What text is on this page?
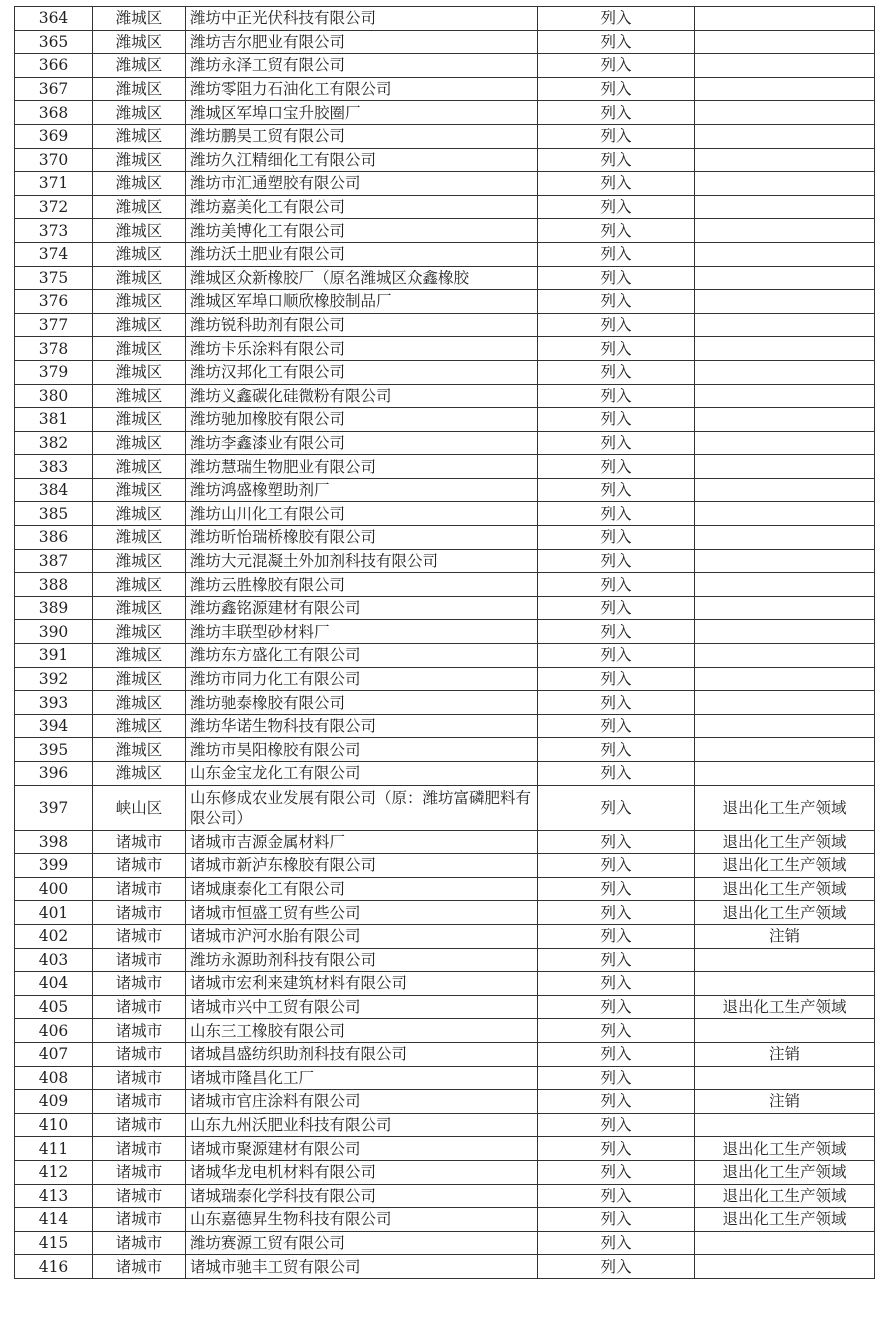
364	潍城区	潍坊中正光伏科技有限公司	列入	
365	潍城区	潍坊吉尔肥业有限公司	列入	
366	潍城区	潍坊永泽工贸有限公司	列入	
367	潍城区	潍坊零阻力石油化工有限公司	列入	
368	潍城区	潍城区军埠口宝升胶圈厂	列入	
369	潍城区	潍坊鹏昊工贸有限公司	列入	
370	潍城区	潍坊久江精细化工有限公司	列入	
371	潍城区	潍坊市汇通塑胶有限公司	列入	
372	潍城区	潍坊嘉美化工有限公司	列入	
373	潍城区	潍坊美博化工有限公司	列入	
374	潍城区	潍坊沃土肥业有限公司	列入	
375	潍城区	潍城区众新橡胶厂（原名潍城区众鑫橡胶	列入	
376	潍城区	潍城区军埠口顺欣橡胶制品厂	列入	
377	潍城区	潍坊锐科助剂有限公司	列入	
378	潍城区	潍坊卡乐涂料有限公司	列入	
379	潍城区	潍坊汉邦化工有限公司	列入	
380	潍城区	潍坊义鑫碳化硅微粉有限公司	列入	
381	潍城区	潍坊驰加橡胶有限公司	列入	
382	潍城区	潍坊李鑫漆业有限公司	列入	
383	潍城区	潍坊慧瑞生物肥业有限公司	列入	
384	潍城区	潍坊鸿盛橡塑助剂厂	列入	
385	潍城区	潍坊山川化工有限公司	列入	
386	潍城区	潍坊昕怡瑞桥橡胶有限公司	列入	
387	潍城区	潍坊大元混凝土外加剂科技有限公司	列入	
388	潍城区	潍坊云胜橡胶有限公司	列入	
389	潍城区	潍坊鑫铭源建材有限公司	列入	
390	潍城区	潍坊丰联型砂材料厂	列入	
391	潍城区	潍坊东方盛化工有限公司	列入	
392	潍城区	潍坊市同力化工有限公司	列入	
393	潍城区	潍坊驰泰橡胶有限公司	列入	
394	潍城区	潍坊华诺生物科技有限公司	列入	
395	潍城区	潍坊市昊阳橡胶有限公司	列入	
396	潍城区	山东金宝龙化工有限公司	列入	
397	峡山区	山东修成农业发展有限公司（原：潍坊富磷肥料有限公司）	列入	退出化工生产领域
398	诸城市	诸城市吉源金属材料厂	列入	退出化工生产领域
399	诸城市	诸城市新泸东橡胶有限公司	列入	退出化工生产领域
400	诸城市	诸城康泰化工有限公司	列入	退出化工生产领域
401	诸城市	诸城市恒盛工贸有些公司	列入	退出化工生产领域
402	诸城市	诸城市沪河水胎有限公司	列入	注销
403	诸城市	潍坊永源助剂科技有限公司	列入	
404	诸城市	诸城市宏利来建筑材料有限公司	列入	
405	诸城市	诸城市兴中工贸有限公司	列入	退出化工生产领域
406	诸城市	山东三工橡胶有限公司	列入	
407	诸城市	诸城昌盛纺织助剂科技有限公司	列入	注销
408	诸城市	诸城市隆昌化工厂	列入	
409	诸城市	诸城市官庄涂料有限公司	列入	注销
410	诸城市	山东九州沃肥业科技有限公司	列入	
411	诸城市	诸城市聚源建材有限公司	列入	退出化工生产领域
412	诸城市	诸城华龙电机材料有限公司	列入	退出化工生产领域
413	诸城市	诸城瑞泰化学科技有限公司	列入	退出化工生产领域
414	诸城市	山东嘉德昇生物科技有限公司	列入	退出化工生产领域
415	诸城市	潍坊赛源工贸有限公司	列入	
416	诸城市	诸城市驰丰工贸有限公司	列入	
